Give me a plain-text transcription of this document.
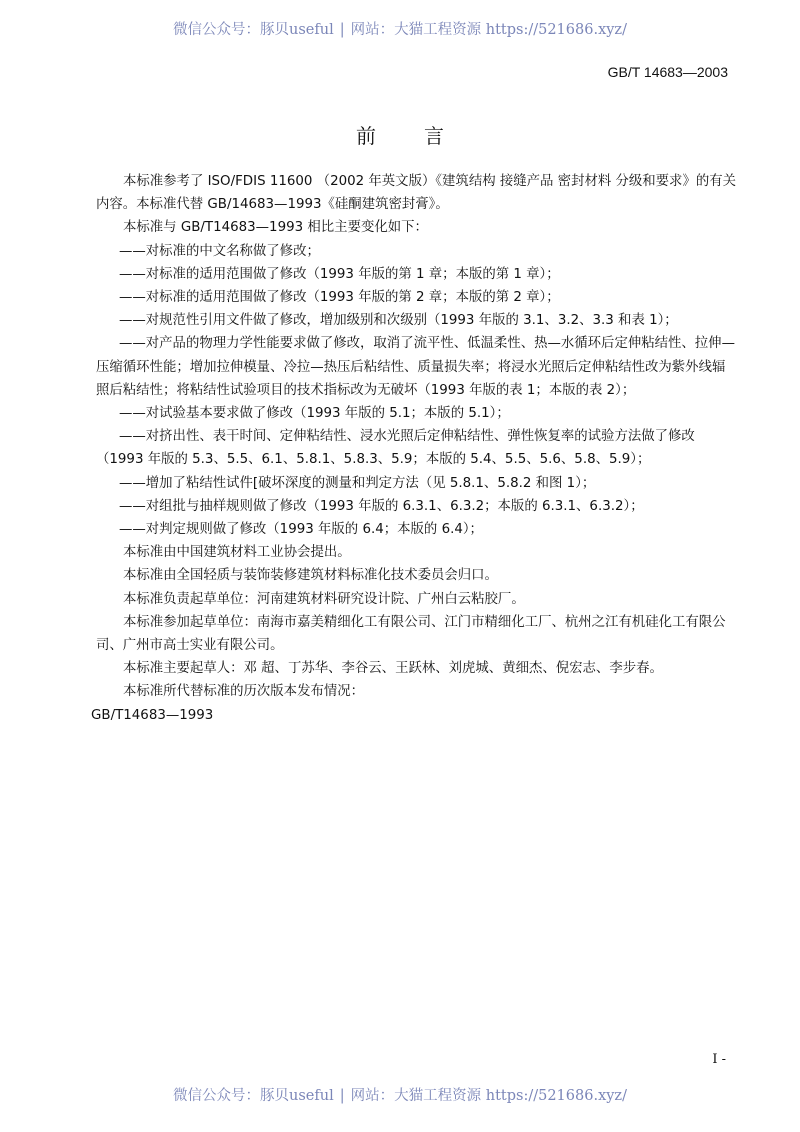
微信公众号：豚贝useful | 网站：大猫工程资源 https://521686.xyz/
GB/T 14683—2003
前言

本标准参考了 ISO/FDIS 11600 （2002 年英文版）《建筑结构 接缝产品 密封材料 分级和要求》的有关内容。本标准代替 GB/14683—1993《硅酮建筑密封膏》。

本标准与 GB/T14683—1993 相比主要变化如下：

——对标准的中文名称做了修改；

——对标准的适用范围做了修改（1993 年版的第 1 章；本版的第 1 章）；

——对标准的适用范围做了修改（1993 年版的第 2 章；本版的第 2 章）；

——对规范性引用文件做了修改，增加级别和次级别（1993 年版的 3.1、3.2、3.3 和表 1）；

——对产品的物理力学性能要求做了修改，取消了流平性、低温柔性、热—水循环后定伸粘结性、拉伸—压缩循环性能；增加拉伸模量、冷拉—热压后粘结性、质量损失率；将浸水光照后定伸粘结性改为紫外线辐照后粘结性；将粘结性试验项目的技术指标改为无破坏（1993 年版的表 1；本版的表 2）；

——对试验基本要求做了修改（1993 年版的 5.1；本版的 5.1）；

——对挤出性、表干时间、定伸粘结性、浸水光照后定伸粘结性、弹性恢复率的试验方法做了修改（1993 年版的 5.3、5.5、6.1、5.8.1、5.8.3、5.9；本版的 5.4、5.5、5.6、5.8、5.9）；

——增加了粘结性试件[破坏深度的测量和判定方法（见 5.8.1、5.8.2 和图 1）；

——对组批与抽样规则做了修改（1993 年版的 6.3.1、6.3.2；本版的 6.3.1、6.3.2）；

——对判定规则做了修改（1993 年版的 6.4；本版的 6.4）；

本标准由中国建筑材料工业协会提出。

本标准由全国轻质与装饰装修建筑材料标准化技术委员会归口。

本标准负责起草单位：河南建筑材料研究设计院、广州白云粘胶厂。

本标准参加起草单位：南海市嘉美精细化工有限公司、江门市精细化工厂、杭州之江有机硅化工有限公司、广州市高士实业有限公司。

本标准主要起草人：邓 超、丁苏华、李谷云、王跃林、刘虎城、黄细杰、倪宏志、李步春。

本标准所代替标准的历次版本发布情况：

GB/T14683—1993

I -
微信公众号：豚贝useful | 网站：大猫工程资源 https://521686.xyz/
